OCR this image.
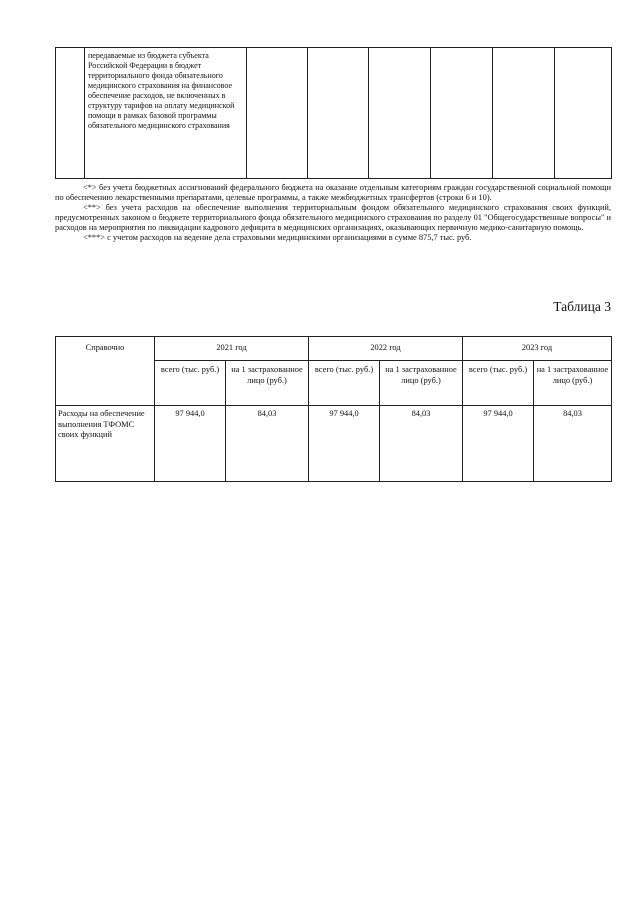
передаваемые из бюджета субъекта Российской Федерации в бюджет территориального фонда обязательного медицинского страхования на финансовое обеспечение расходов, не включенных в структуру тарифов на оплату медицинской помощи в рамках базовой программы обязательного медицинского страхования

<*> без учета бюджетных ассигнований федерального бюджета на оказание отдельным категориям граждан государственной социальной помощи по обеспечению лекарственными препаратами, целевые программы, а также межбюджетных трансфертов (строки 6 и 10).

<**> без учета расходов на обеспечение выполнения территориальным фондом обязательного медицинского страхования своих функций, предусмотренных законом о бюджете территориального фонда обязательного медицинского страхования по разделу 01 "Общегосударственные вопросы" и расходов на мероприятия по ликвидации кадрового дефицита в медицинских организациях, оказывающих первичную медико-санитарную помощь.

<***> с учетом расходов на ведение дела страховыми медицинскими организациями в сумме 875,7 тыс. руб.

Таблица 3
Справочно	2021 год		2022 год		2023 год	
	всего (тыс. руб.)	на 1 застрахованное лицо (руб.)	всего (тыс. руб.)	на 1 застрахованное лицо (руб.)	всего (тыс. руб.)	на 1 застрахованное лицо (руб.)
Расходы на обеспечение выполнения ТФОМС своих функций	97 944,0	84,03	97 944,0	84,03	97 944,0	84,03
